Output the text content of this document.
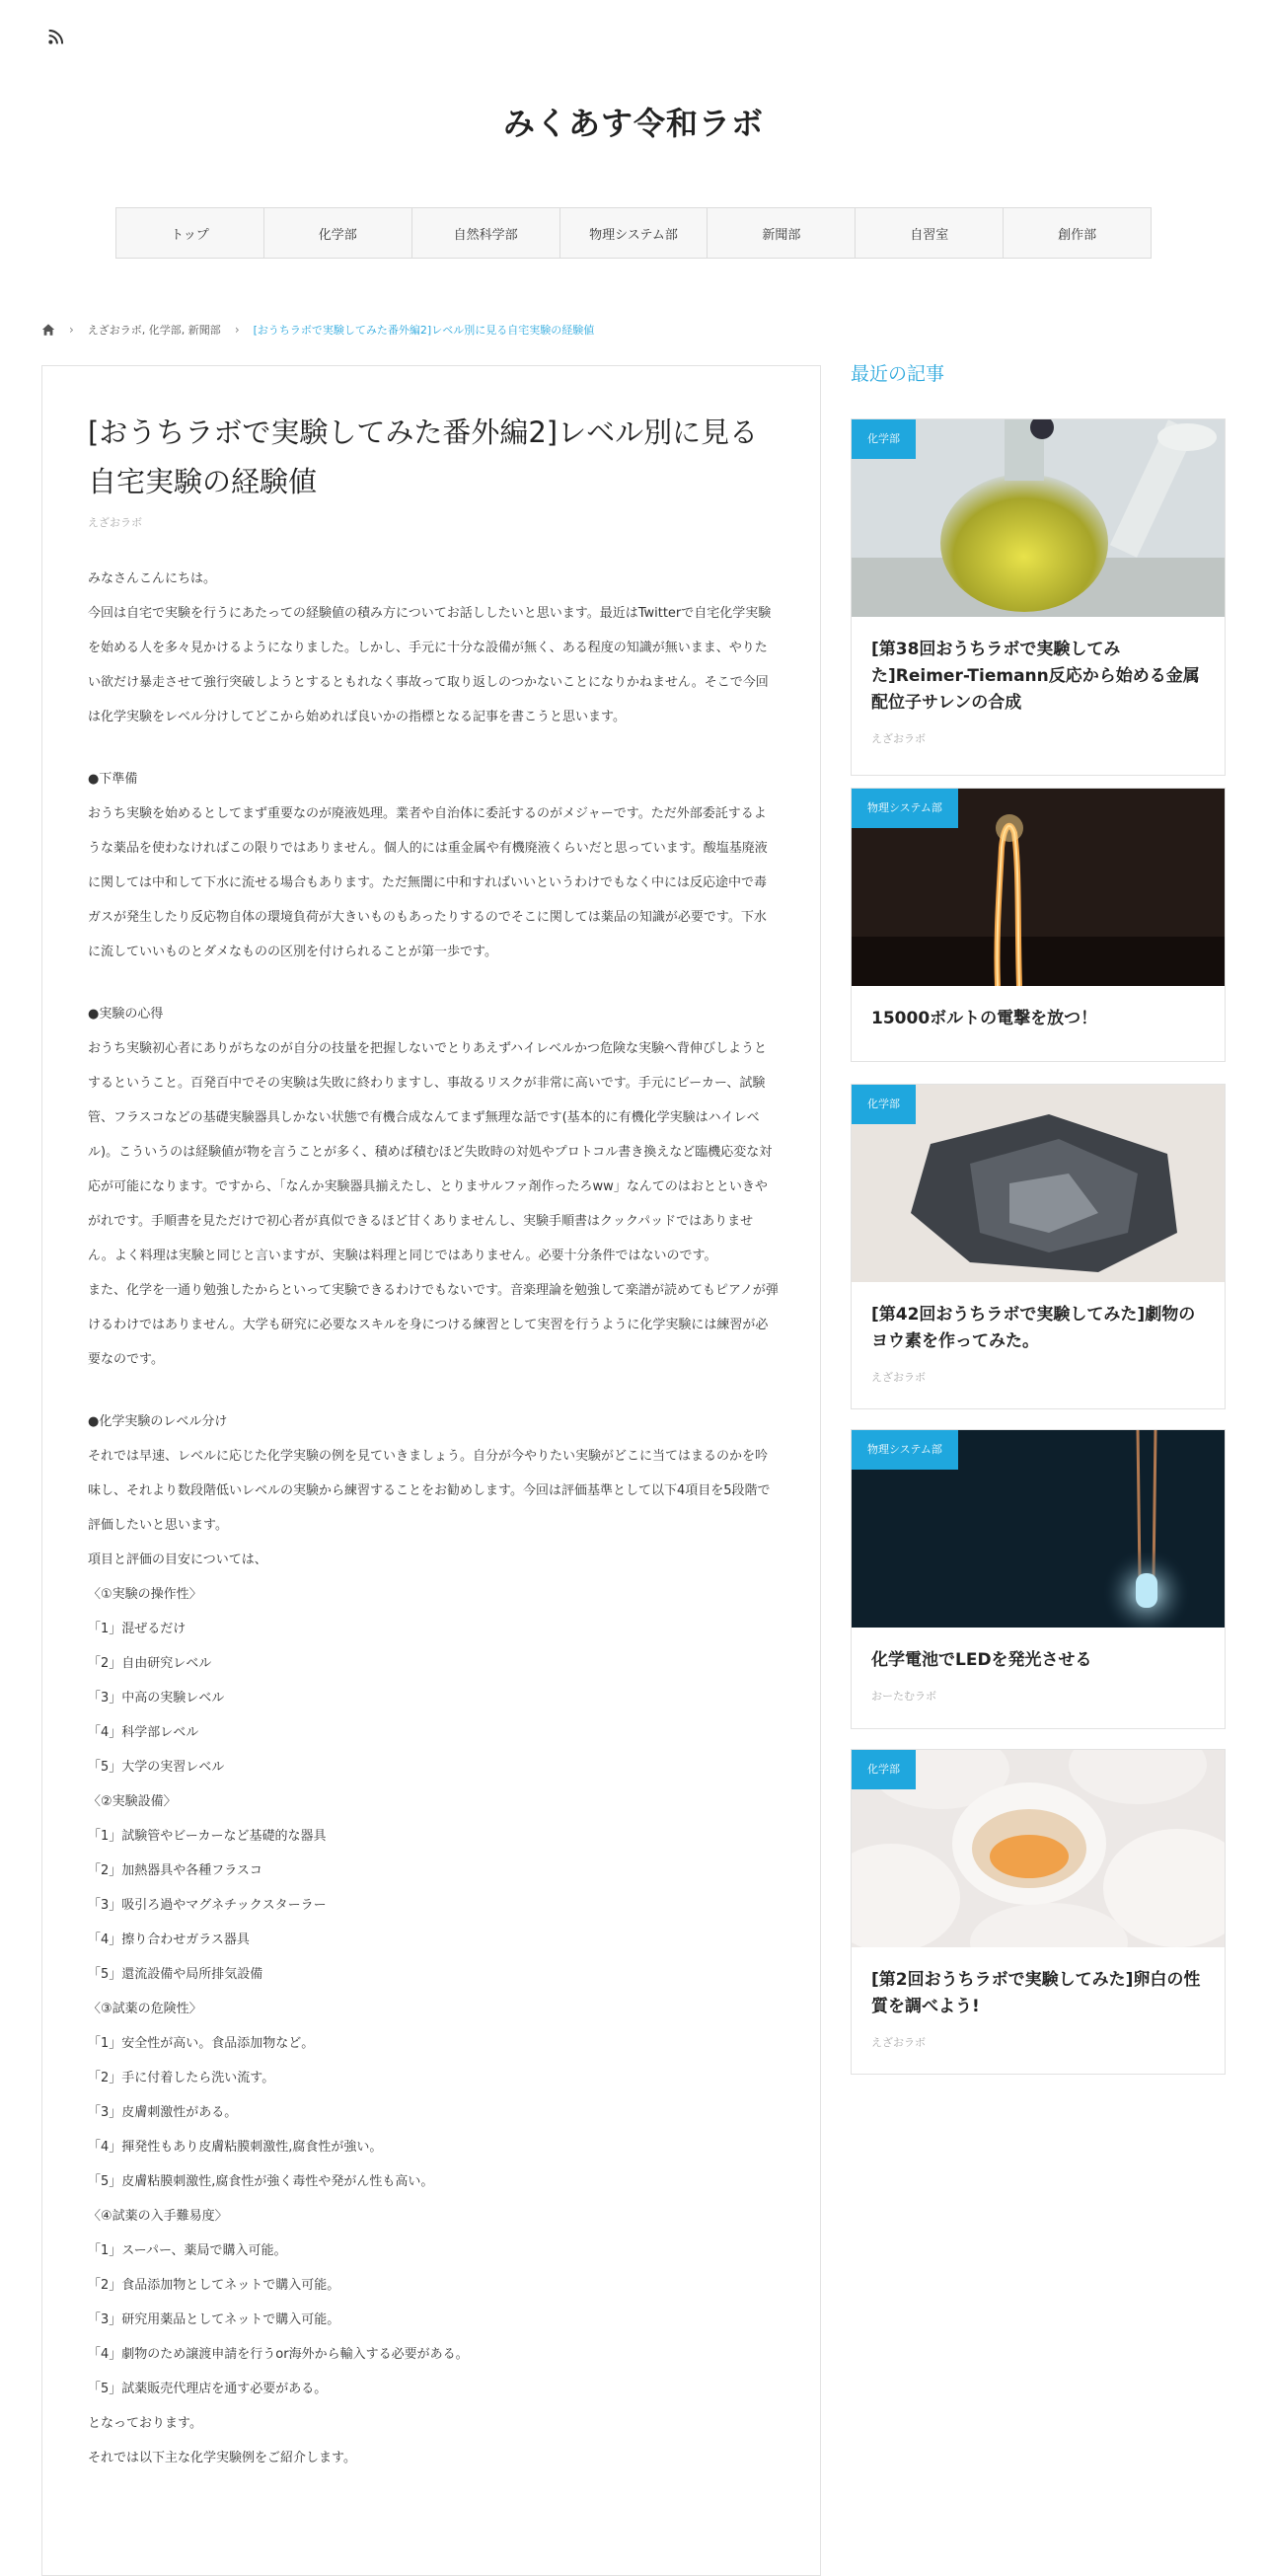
みくあす令和ラボ
トップ	化学部	自然科学部	物理システム部	新聞部	自習室	創作部
› えざおラボ, 化学部, 新聞部 › [おうちラボで実験してみた番外編2]レベル別に見る自宅実験の経験値
[おうちラボで実験してみた番外編2]レベル別に見る自宅実験の経験値
えざおラボ

みなさんこんにちは。

今回は自宅で実験を行うにあたっての経験値の積み方についてお話ししたいと思います。最近はTwitterで自宅化学実験を始める人を多々見かけるようになりました。しかし、手元に十分な設備が無く、ある程度の知識が無いまま、やりたい欲だけ暴走させて強行突破しようとするともれなく事故って取り返しのつかないことになりかねません。そこで今回は化学実験をレベル分けしてどこから始めれば良いかの指標となる記事を書こうと思います。

●下準備

おうち実験を始めるとしてまず重要なのが廃液処理。業者や自治体に委託するのがメジャーです。ただ外部委託するような薬品を使わなければこの限りではありません。個人的には重金属や有機廃液くらいだと思っています。酸塩基廃液に関しては中和して下水に流せる場合もあります。ただ無闇に中和すればいいというわけでもなく中には反応途中で毒ガスが発生したり反応物自体の環境負荷が大きいものもあったりするのでそこに関しては薬品の知識が必要です。下水に流していいものとダメなものの区別を付けられることが第一歩です。

●実験の心得

おうち実験初心者にありがちなのが自分の技量を把握しないでとりあえずハイレベルかつ危険な実験へ背伸びしようとするということ。百発百中でその実験は失敗に終わりますし、事故るリスクが非常に高いです。手元にビーカー、試験管、フラスコなどの基礎実験器具しかない状態で有機合成なんてまず無理な話です(基本的に有機化学実験はハイレベル)。こういうのは経験値が物を言うことが多く、積めば積むほど失敗時の対処やプロトコル書き換えなど臨機応変な対応が可能になります。ですから、「なんか実験器具揃えたし、とりまサルファ剤作ったろww」なんてのはおとといきやがれです。手順書を見ただけで初心者が真似できるほど甘くありませんし、実験手順書はクックパッドではありません。よく料理は実験と同じと言いますが、実験は料理と同じではありません。必要十分条件ではないのです。

また、化学を一通り勉強したからといって実験できるわけでもないです。音楽理論を勉強して楽譜が読めてもピアノが弾けるわけではありません。大学も研究に必要なスキルを身につける練習として実習を行うように化学実験には練習が必要なのです。

●化学実験のレベル分け

それでは早速、レベルに応じた化学実験の例を見ていきましょう。自分が今やりたい実験がどこに当てはまるのかを吟味し、それより数段階低いレベルの実験から練習することをお勧めします。今回は評価基準として以下4項目を5段階で評価したいと思います。

項目と評価の目安については、

〈①実験の操作性〉

「1」混ぜるだけ

「2」自由研究レベル

「3」中高の実験レベル

「4」科学部レベル

「5」大学の実習レベル

〈②実験設備〉

「1」試験管やビーカーなど基礎的な器具

「2」加熱器具や各種フラスコ

「3」吸引ろ過やマグネチックスターラー

「4」擦り合わせガラス器具

「5」還流設備や局所排気設備

〈③試薬の危険性〉

「1」安全性が高い。食品添加物など。

「2」手に付着したら洗い流す。

「3」皮膚刺激性がある。

「4」揮発性もあり皮膚粘膜刺激性,腐食性が強い。

「5」皮膚粘膜刺激性,腐食性が強く毒性や発がん性も高い。

〈④試薬の入手難易度〉

「1」スーパー、薬局で購入可能。

「2」食品添加物としてネットで購入可能。

「3」研究用薬品としてネットで購入可能。

「4」劇物のため譲渡申請を行うor海外から輸入する必要がある。

「5」試薬販売代理店を通す必要がある。

となっております。

それでは以下主な化学実験例をご紹介します。

最近の記事
化学部
[第38回おうちラボで実験してみた]Reimer-Tiemann反応から始める金属配位子サレンの合成
えざおラボ
物理システム部
15000ボルトの電撃を放つ！
化学部
[第42回おうちラボで実験してみた]劇物のヨウ素を作ってみた。
えざおラボ
物理システム部
化学電池でLEDを発光させる
おーたむラボ
化学部
[第2回おうちラボで実験してみた]卵白の性質を調べよう!
えざおラボ
